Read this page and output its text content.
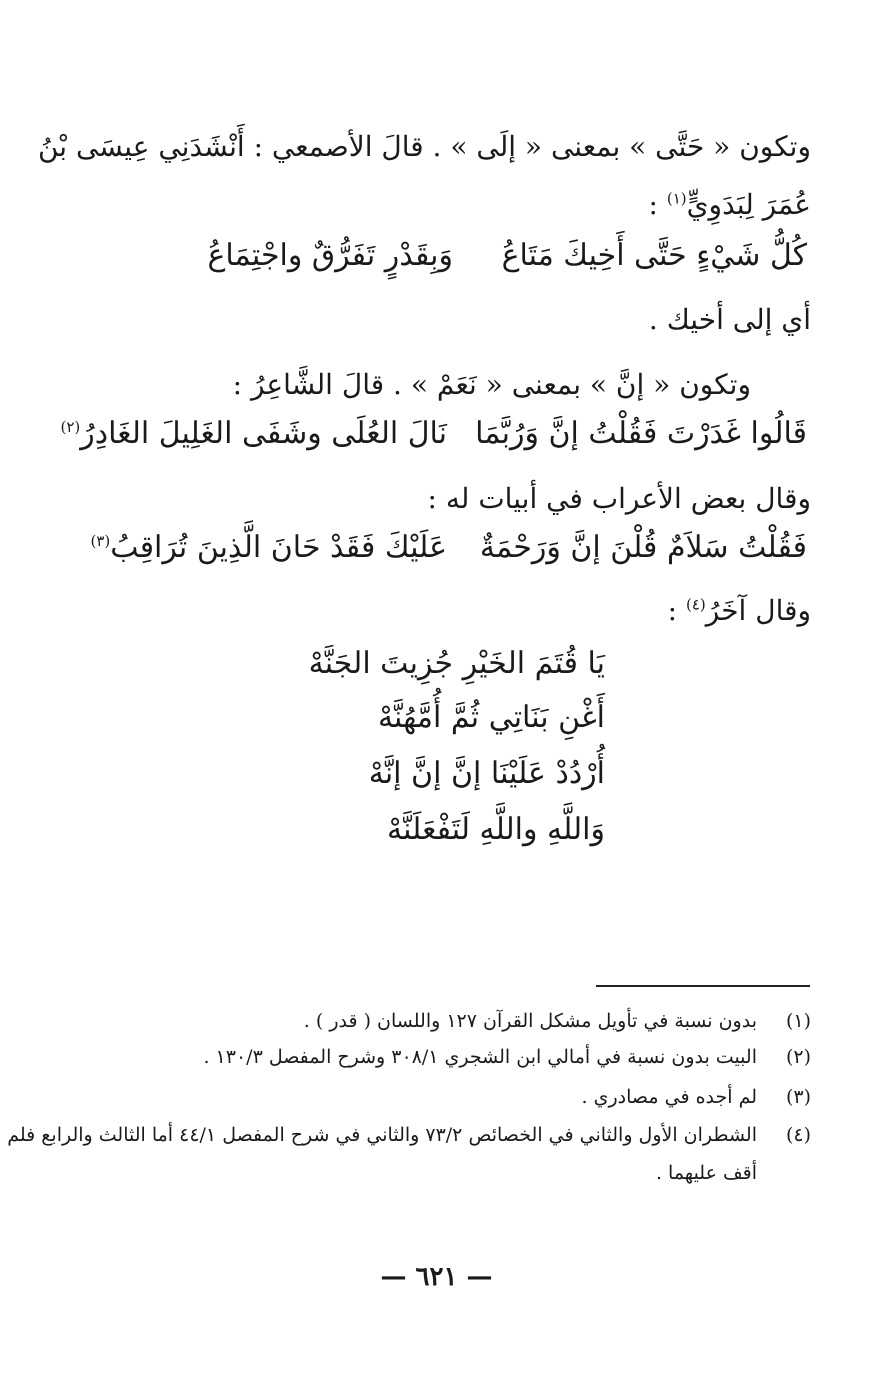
وتكون « حَتَّى » بمعنى « إلَى » . قالَ الأصمعي : أَنْشَدَنِي عِيسَى بْنُ
عُمَرَ لِبَدَوِيٍّ$^{(١)}$ :
كُلُّ شَيْءٍ حَتَّى أَخِيكَ مَتَاعُ
وَبِقَدْرٍ تَفَرُّقٌ واجْتِمَاعُ
أي إلى أخيك .
وتكون « إنَّ » بمعنى « نَعَمْ » . قالَ الشَّاعِرُ :
قَالُوا غَدَرْتَ فَقُلْتُ إنَّ وَرُبَّمَا
نَالَ العُلَى وشَفَى الغَلِيلَ الغَادِرُ$^{(٢)}$
وقال بعض الأعراب في أبيات له :
فَقُلْتُ سَلاَمٌ قُلْنَ إنَّ وَرَحْمَةٌ
عَلَيْكَ فَقَدْ حَانَ الَّذِينَ تُرَاقِبُ$^{(٣)}$
وقال آخَرُ$^{(٤)}$ :
يَا قُتَمَ الخَيْرِ جُزِيتَ الجَنَّهْ
أَغْنِ بَنَاتِي ثُمَّ أُمَّهُنَّهْ
أُرْدُدْ عَلَيْنَا إنَّ إنَّ إنَّهْ
وَاللَّهِ واللَّهِ لَتَفْعَلَنَّهْ
(١)بدون نسبة في تأويل مشكل القرآن ١٢٧ واللسان ( قدر ) .
(٢)البيت بدون نسبة في أمالي ابن الشجري ٣٠٨/١ وشرح المفصل ١٣٠/٣ .
(٣)لم أجده في مصادري .
(٤)الشطران الأول والثاني في الخصائص ٧٣/٢ والثاني في شرح المفصل ٤٤/١ أما الثالث والرابع فلم
أقف عليهما .
— ٦٢١ —
